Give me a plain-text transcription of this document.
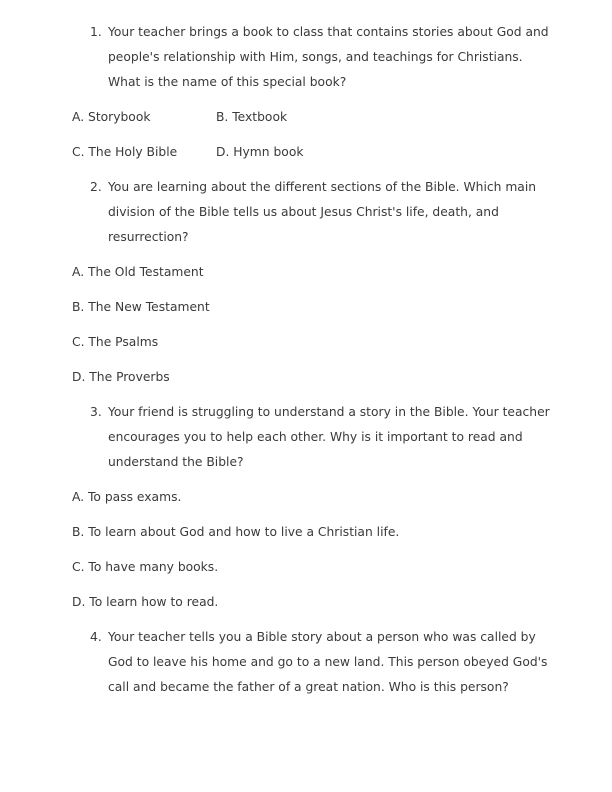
1. Your teacher brings a book to class that contains stories about God and people's relationship with Him, songs, and teachings for Christians. What is the name of this special book?
A. Storybook	B. Textbook
C. The Holy Bible	D. Hymn book
2. You are learning about the different sections of the Bible. Which main division of the Bible tells us about Jesus Christ's life, death, and resurrection?
A. The Old Testament
B. The New Testament
C. The Psalms
D. The Proverbs
3. Your friend is struggling to understand a story in the Bible. Your teacher encourages you to help each other. Why is it important to read and understand the Bible?
A. To pass exams.
B. To learn about God and how to live a Christian life.
C. To have many books.
D. To learn how to read.
4. Your teacher tells you a Bible story about a person who was called by God to leave his home and go to a new land. This person obeyed God's call and became the father of a great nation. Who is this person?
